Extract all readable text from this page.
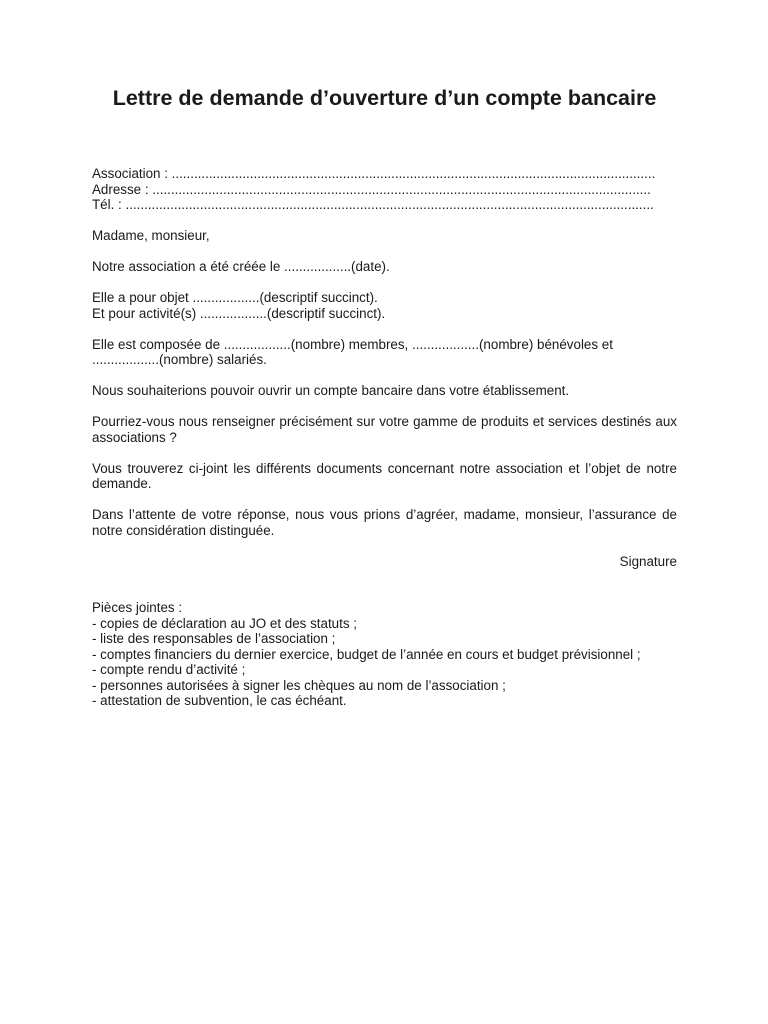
Lettre de demande d’ouverture d’un compte bancaire
Association : ..................................................................................................................................
Adresse : ......................................................................................................................................
Tél. : ..............................................................................................................................................

Madame, monsieur,

Notre association a été créée le ..................(date).

Elle a pour objet ..................(descriptif succinct).
Et pour activité(s) ..................(descriptif succinct).
Elle est composée de ..................(nombre) membres, ..................(nombre) bénévoles et
..................(nombre) salariés.

Nous souhaiterions pouvoir ouvrir un compte bancaire dans votre établissement.

Pourriez-vous nous renseigner précisément sur votre gamme de produits et services destinés aux associations ?

Vous trouverez ci-joint les différents documents concernant notre association et l’objet de notre demande.

Dans l’attente de votre réponse, nous vous prions d’agréer, madame, monsieur, l’assurance de notre considération distinguée.

Signature

Pièces jointes :

- copies de déclaration au JO et des statuts ;
- liste des responsables de l’association ;
- comptes financiers du dernier exercice, budget de l’année en cours et budget prévisionnel ;
- compte rendu d’activité ;
- personnes autorisées à signer les chèques au nom de l’association ;
- attestation de subvention, le cas échéant.
